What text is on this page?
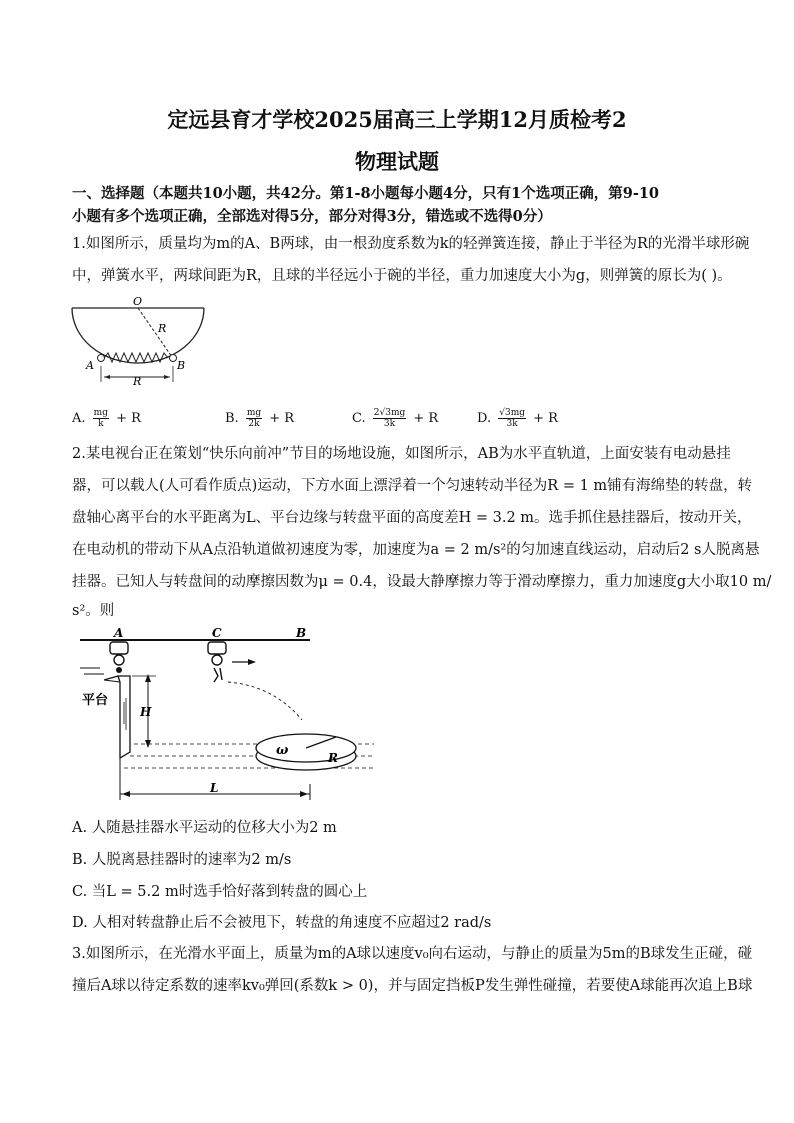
定远县育才学校2025届高三上学期12月质检考2
物理试题
一、选择题（本题共10小题，共42分。第1-8小题每小题4分，只有1个选项正确，第9-10
小题有多个选项正确，全部选对得5分，部分对得3分，错选或不选得0分）
1.如图所示，质量均为m的A、B两球，由一根劲度系数为k的轻弹簧连接，静止于半径为R的光滑半球形碗
中，弹簧水平，两球间距为R，且球的半径远小于碗的半径，重力加速度大小为g，则弹簧的原长为( )。
O
R
A	B
R
A. $\frac{mg}{k} + R$	B. $\frac{mg}{2k} + R$	C. $\frac{2√3mg}{3k} + R$	D. $\frac{√3mg}{3k} + R$
2.某电视台正在策划“快乐向前冲”节目的场地设施，如图所示，AB为水平直轨道，上面安装有电动悬挂
器，可以载人(人可看作质点)运动，下方水面上漂浮着一个匀速转动半径为R = 1 m铺有海绵垫的转盘，转
盘轴心离平台的水平距离为L、平台边缘与转盘平面的高度差H = 3.2 m。选手抓住悬挂器后，按动开关，
在电动机的带动下从A点沿轨道做初速度为零，加速度为a = 2 m/s²的匀加速直线运动，启动后2 s人脱离悬
挂器。已知人与转盘间的动摩擦因数为μ = 0.4，设最大静摩擦力等于滑动摩擦力，重力加速度g大小取10 m/
s²。则
A	C	B
平台
H
ω	R
L
A. 人随悬挂器水平运动的位移大小为2 m
B. 人脱离悬挂器时的速率为2 m/s
C. 当L = 5.2 m时选手恰好落到转盘的圆心上
D. 人相对转盘静止后不会被甩下，转盘的角速度不应超过2 rad/s
3.如图所示，在光滑水平面上，质量为m的A球以速度v₀向右运动，与静止的质量为5m的B球发生正碰，碰
撞后A球以待定系数的速率kv₀弹回(系数k > 0)，并与固定挡板P发生弹性碰撞，若要使A球能再次追上B球
